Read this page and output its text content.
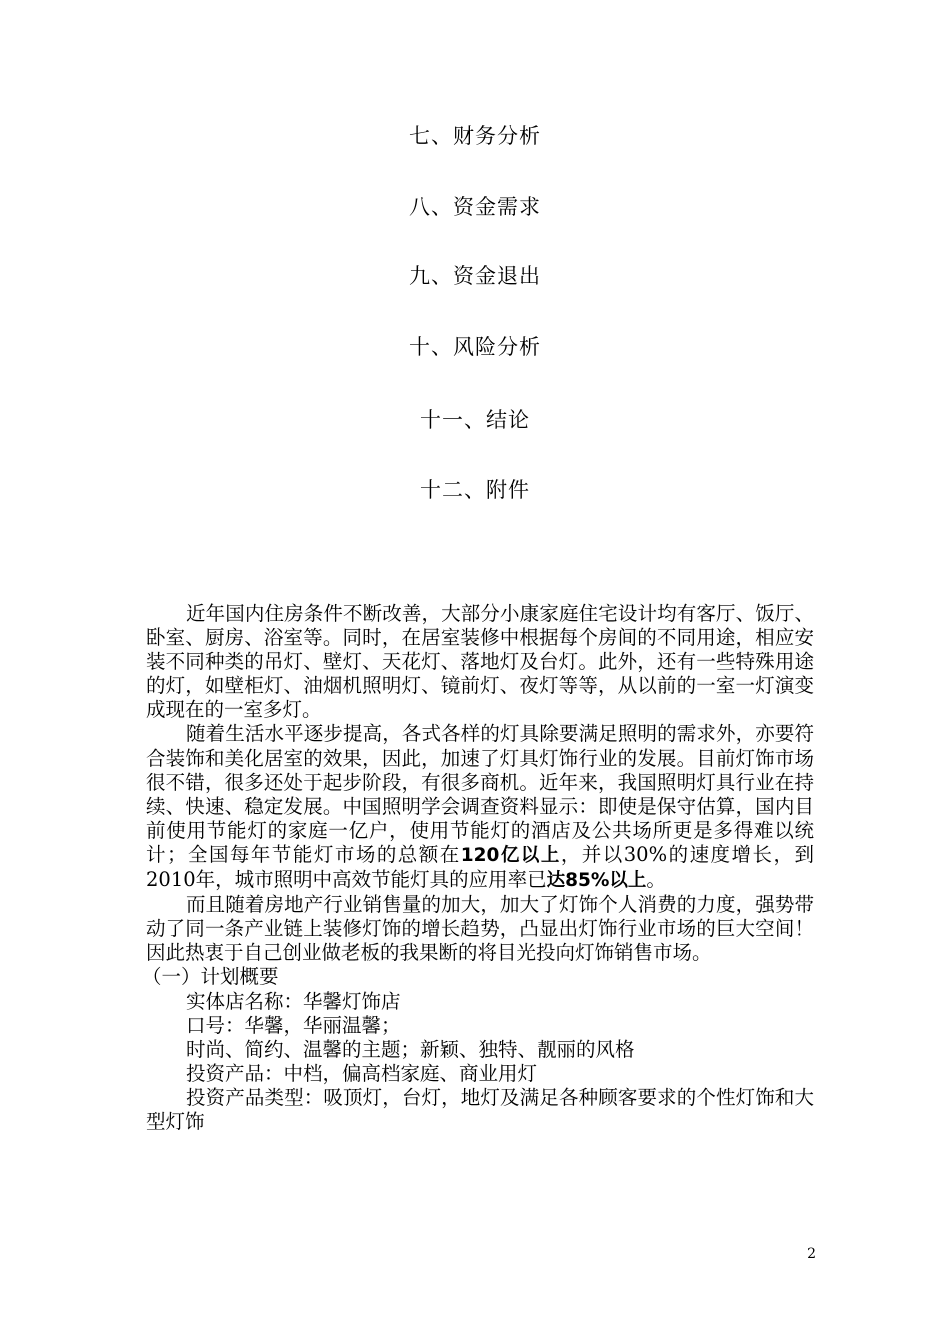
七、财务分析
八、资金需求
九、资金退出
十、风险分析
十一、结论
十二、附件

近年国内住房条件不断改善，大部分小康家庭住宅设计均有客厅、饭厅、卧室、厨房、浴室等。同时，在居室装修中根据每个房间的不同用途，相应安装不同种类的吊灯、壁灯、天花灯、落地灯及台灯。此外，还有一些特殊用途的灯，如壁柜灯、油烟机照明灯、镜前灯、夜灯等等，从以前的一室一灯演变成现在的一室多灯。

随着生活水平逐步提高，各式各样的灯具除要满足照明的需求外，亦要符合装饰和美化居室的效果，因此，加速了灯具灯饰行业的发展。目前灯饰市场很不错，很多还处于起步阶段，有很多商机。近年来，我国照明灯具行业在持续、快速、稳定发展。中国照明学会调查资料显示：即使是保守估算，国内目前使用节能灯的家庭一亿户，使用节能灯的酒店及公共场所更是多得难以统计；全国每年节能灯市场的总额在120亿以上，并以30%的速度增长，到2010年，城市照明中高效节能灯具的应用率已达85%以上。

而且随着房地产行业销售量的加大，加大了灯饰个人消费的力度，强势带动了同一条产业链上装修灯饰的增长趋势，凸显出灯饰行业市场的巨大空间！因此热衷于自己创业做老板的我果断的将目光投向灯饰销售市场。

（一）计划概要

实体店名称：华馨灯饰店

口号：华馨，华丽温馨；

时尚、简约、温馨的主题；新颖、独特、靓丽的风格

投资产品：中档，偏高档家庭、商业用灯

投资产品类型：吸顶灯，台灯，地灯及满足各种顾客要求的个性灯饰和大型灯饰

2
